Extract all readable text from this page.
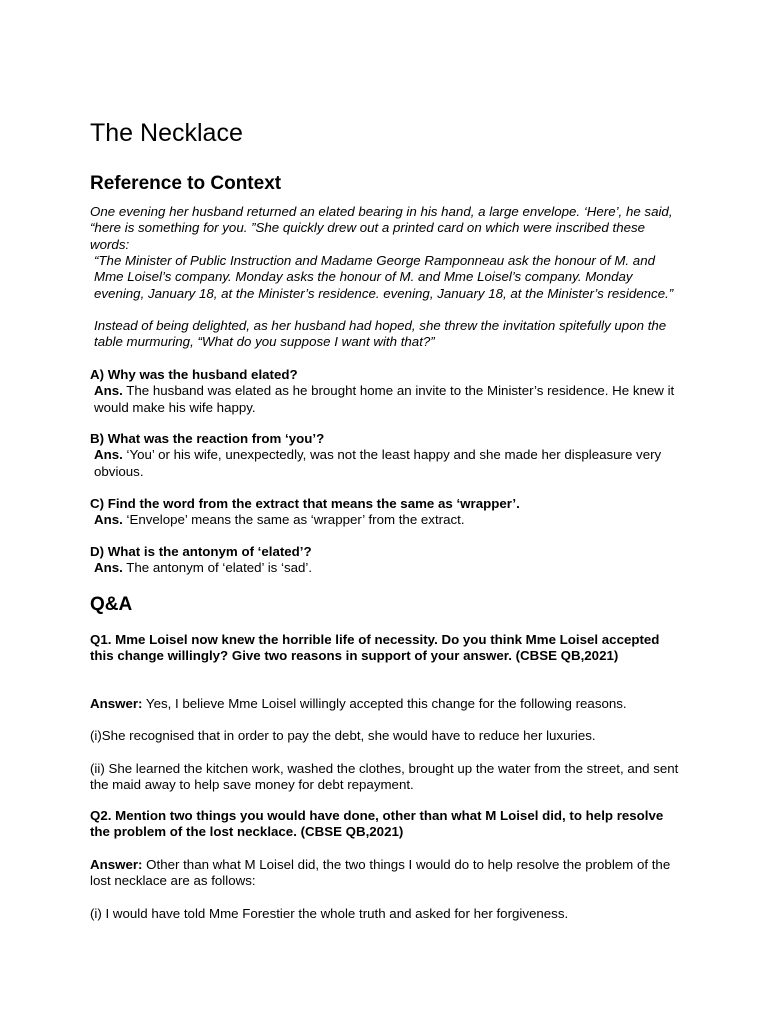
The Necklace
Reference to Context

One evening her husband returned an elated bearing in his hand, a large envelope. ‘Here’, he said, “here is something for you. ”She quickly drew out a printed card on which were inscribed these words:

“The Minister of Public Instruction and Madame George Ramponneau ask the honour of M. and Mme Loisel’s company. Monday asks the honour of M. and Mme Loisel’s company. Monday evening, January 18, at the Minister’s residence. evening, January 18, at the Minister’s residence.”

Instead of being delighted, as her husband had hoped, she threw the invitation spitefully upon the table murmuring, “What do you suppose I want with that?”

A) Why was the husband elated?
Ans. The husband was elated as he brought home an invite to the Minister’s residence. He knew it would make his wife happy.
B) What was the reaction from ‘you’?
Ans. ‘You’ or his wife, unexpectedly, was not the least happy and she made her displeasure very obvious.
C) Find the word from the extract that means the same as ‘wrapper’.
Ans. ‘Envelope’ means the same as ‘wrapper’ from the extract.
D) What is the antonym of ‘elated’?
Ans. The antonym of ‘elated’ is ‘sad’.
Q&A

Q1. Mme Loisel now knew the horrible life of necessity. Do you think Mme Loisel accepted this change willingly? Give two reasons in support of your answer. (CBSE QB,2021)

Answer: Yes, I believe Mme Loisel willingly accepted this change for the following reasons.

(i)She recognised that in order to pay the debt, she would have to reduce her luxuries.

(ii) She learned the kitchen work, washed the clothes, brought up the water from the street, and sent the maid away to help save money for debt repayment.

Q2. Mention two things you would have done, other than what M Loisel did, to help resolve the problem of the lost necklace. (CBSE QB,2021)

Answer: Other than what M Loisel did, the two things I would do to help resolve the problem of the lost necklace are as follows:

(i) I would have told Mme Forestier the whole truth and asked for her forgiveness.
